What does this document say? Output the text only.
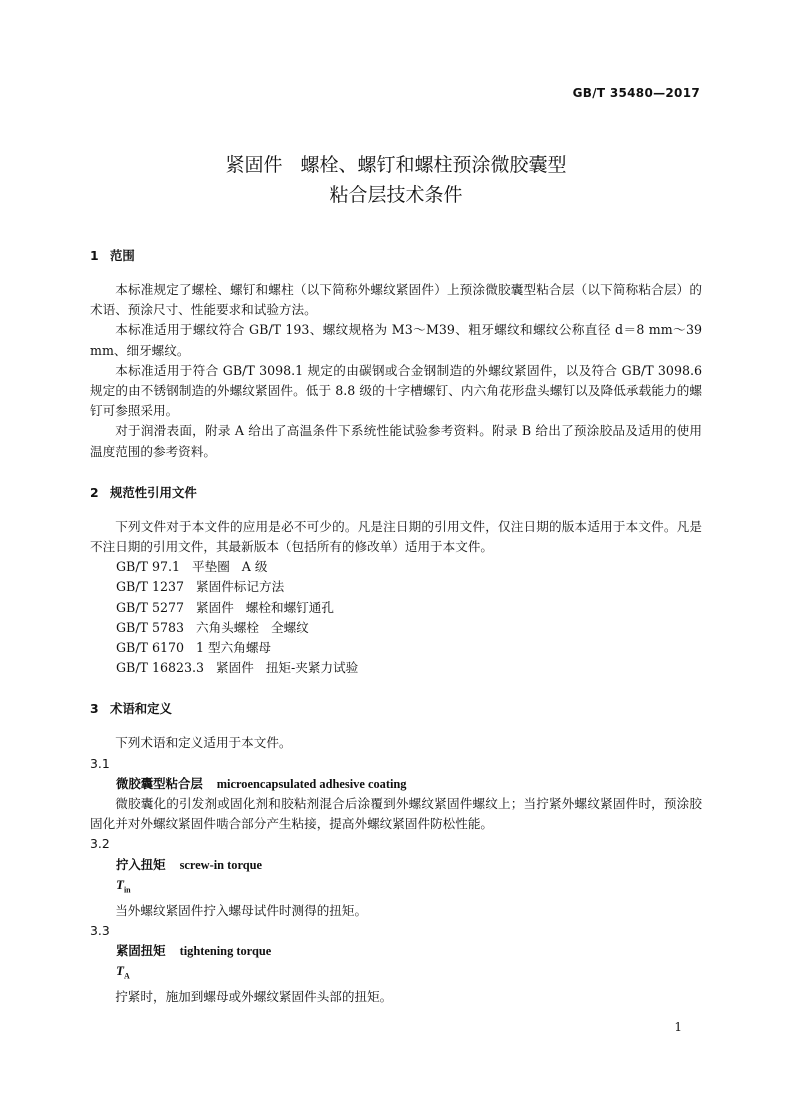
GB/T 35480—2017
紧固件   螺栓、螺钉和螺柱预涂微胶囊型
粘合层技术条件
1 范围
本标准规定了螺栓、螺钉和螺柱（以下简称外螺纹紧固件）上预涂微胶囊型粘合层（以下简称粘合层）的术语、预涂尺寸、性能要求和试验方法。
本标准适用于螺纹符合 GB/T 193、螺纹规格为 M3～M39、粗牙螺纹和螺纹公称直径 d＝8 mm～39 mm、细牙螺纹。
本标准适用于符合 GB/T 3098.1 规定的由碳钢或合金钢制造的外螺纹紧固件，以及符合 GB/T 3098.6 规定的由不锈钢制造的外螺纹紧固件。低于 8.8 级的十字槽螺钉、内六角花形盘头螺钉以及降低承载能力的螺钉可参照采用。
对于润滑表面，附录 A 给出了高温条件下系统性能试验参考资料。附录 B 给出了预涂胶品及适用的使用温度范围的参考资料。
2 规范性引用文件
下列文件对于本文件的应用是必不可少的。凡是注日期的引用文件，仅注日期的版本适用于本文件。凡是不注日期的引用文件，其最新版本（包括所有的修改单）适用于本文件。
GB/T 97.1   平垫圈   A 级
GB/T 1237   紧固件标记方法
GB/T 5277   紧固件   螺栓和螺钉通孔
GB/T 5783   六角头螺栓   全螺纹
GB/T 6170   1 型六角螺母
GB/T 16823.3   紧固件   扭矩-夹紧力试验
3 术语和定义
下列术语和定义适用于本文件。
3.1
微胶囊型粘合层 microencapsulated adhesive coating
微胶囊化的引发剂或固化剂和胶粘剂混合后涂覆到外螺纹紧固件螺纹上；当拧紧外螺纹紧固件时，预涂胶固化并对外螺纹紧固件啮合部分产生粘接，提高外螺纹紧固件防松性能。
3.2
拧入扭矩 screw-in torque
$T_{in}$
当外螺纹紧固件拧入螺母试件时测得的扭矩。
3.3
紧固扭矩 tightening torque
$T_A$
拧紧时，施加到螺母或外螺纹紧固件头部的扭矩。
1
